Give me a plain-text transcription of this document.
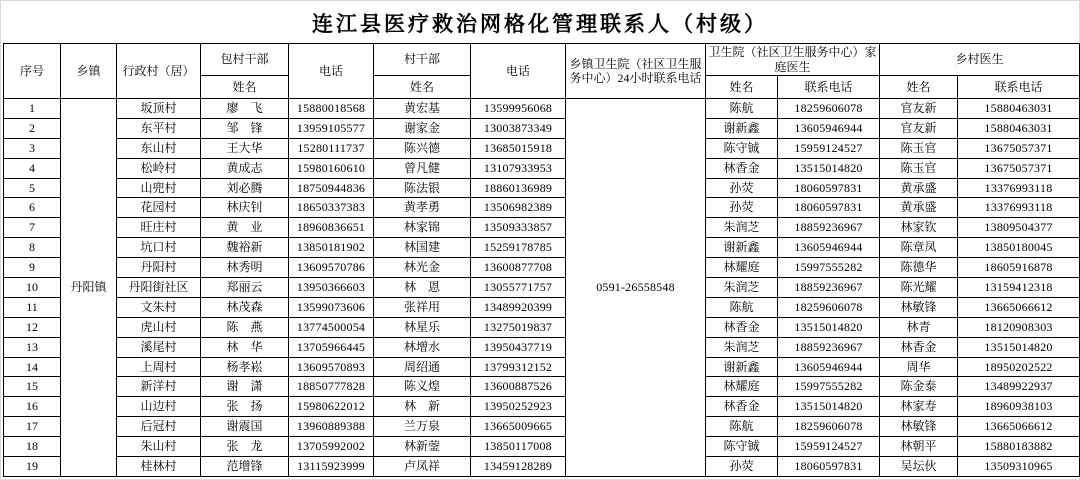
连江县医疗救治网格化管理联系人（村级）
序号	乡镇	行政村（居）	包村干部	电话	村干部	电话	乡镇卫生院（社区卫生服务中心）24小时联系电话	卫生院（社区卫生服务中心）家庭医生		乡村医生	
			姓名		姓名			姓名	联系电话	姓名	联系电话
1	丹阳镇	坂顶村	廖　飞	15880018568	黄宏基	13599956068	0591-26558548	陈航	18259606078	官友新	15880463031
2		东平村	邹　锋	13959105577	谢家金	13003873349		谢新鑫	13605946944	官友新	15880463031
3		东山村	王大华	15280111737	陈兴德	13685015918		陈守铖	15959124527	陈玉官	13675057371
4		松岭村	黄成志	15980160610	曾凡健	13107933953		林香金	13515014820	陈玉官	13675057371
5		山兜村	刘必腾	18750944836	陈法银	18860136989		孙荧	18060597831	黄承盛	13376993118
6		花园村	林庆钊	18650337383	黄孝勇	13506982389		孙荧	18060597831	黄承盛	13376993118
7		旺庄村	黄　业	18960836651	林家锦	13509333857		朱润芝	18859236967	林家钦	13809504377
8		坑口村	魏裕新	13850181902	林国建	15259178785		谢新鑫	13605946944	陈章凤	13850180045
9		丹阳村	林秀明	13609570786	林光金	13600877708		林耀庭	15997555282	陈德华	18605916878
10		丹阳街社区	郑丽云	13950366603	林　恩	13055771757		朱润芝	18859236967	陈光耀	13159412318
11		文朱村	林茂森	13599073606	张祥用	13489920399		陈航	18259606078	林敏锋	13665066612
12		虎山村	陈　燕	13774500054	林星乐	13275019837		林香金	13515014820	林青	18120908303
13		溪尾村	林　华	13705966445	林增水	13950437719		朱润芝	18859236967	林香金	13515014820
14		上周村	杨孝崧	13609570893	周绍通	13799312152		谢新鑫	13605946944	周华	18950202522
15		新洋村	谢　潇	18850777828	陈义煌	13600887526		林耀庭	15997555282	陈金泰	13489922937
16		山边村	张　扬	15980622012	林　新	13950252923		林香金	13515014820	林家寿	18960938103
17		后冠村	谢震国	13960889388	兰万泉	13665009665		陈航	18259606078	林敏锋	13665066612
18		朱山村	张　龙	13705992002	林新蓥	13850117008		陈守铖	15959124527	林朝平	15880183882
19		桂林村	范增锋	13115923999	卢凤祥	13459128289		孙荧	18060597831	吴坛伙	13509310965
